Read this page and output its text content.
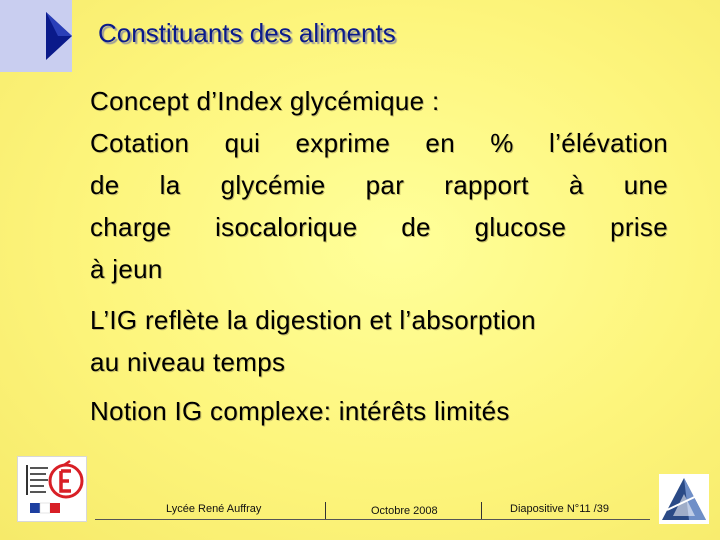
Constituants des aliments
Concept d’Index glycémique :
Cotation qui exprime en % l’élévation
de la glycémie par rapport à une
charge isocalorique de glucose prise
à jeun
L’IG reflète la digestion et l’absorption
au niveau temps
Notion IG complexe: intérêts limités
Lycée René Auffray	Octobre 2008	Diapositive N°11 /39
